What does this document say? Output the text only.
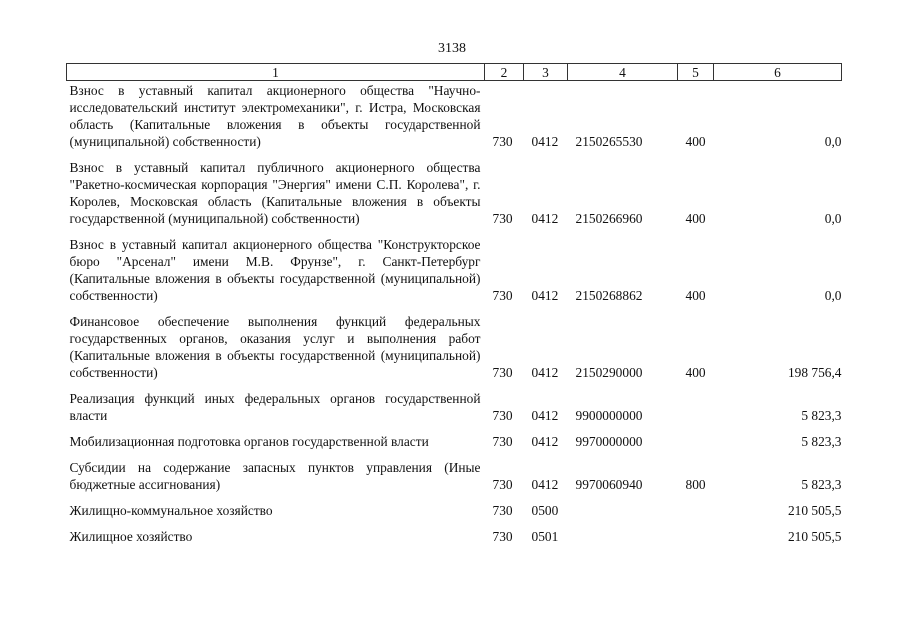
3138
1	2	3	4	5	6
Взнос в уставный капитал акционерного общества "Научно-исследовательский институт электромеханики", г. Истра, Московская область (Капитальные вложения в объекты государственной (муниципальной) собственности)	730	0412	2150265530	400	0,0
Взнос в уставный капитал публичного акционерного общества "Ракетно-космическая корпорация "Энергия" имени С.П. Королева", г. Королев, Московская область (Капитальные вложения в объекты государственной (муниципальной) собственности)	730	0412	2150266960	400	0,0
Взнос в уставный капитал акционерного общества "Конструкторское бюро "Арсенал" имени М.В. Фрунзе", г. Санкт-Петербург (Капитальные вложения в объекты государственной (муниципальной) собственности)	730	0412	2150268862	400	0,0
Финансовое обеспечение выполнения функций федеральных государственных органов, оказания услуг и выполнения работ (Капитальные вложения в объекты государственной (муниципальной) собственности)	730	0412	2150290000	400	198 756,4
Реализация функций иных федеральных органов государственной власти	730	0412	9900000000		5 823,3
Мобилизационная подготовка органов государственной власти	730	0412	9970000000		5 823,3
Субсидии на содержание запасных пунктов управления (Иные бюджетные ассигнования)	730	0412	9970060940	800	5 823,3
Жилищно-коммунальное хозяйство	730	0500			210 505,5
Жилищное хозяйство	730	0501			210 505,5
